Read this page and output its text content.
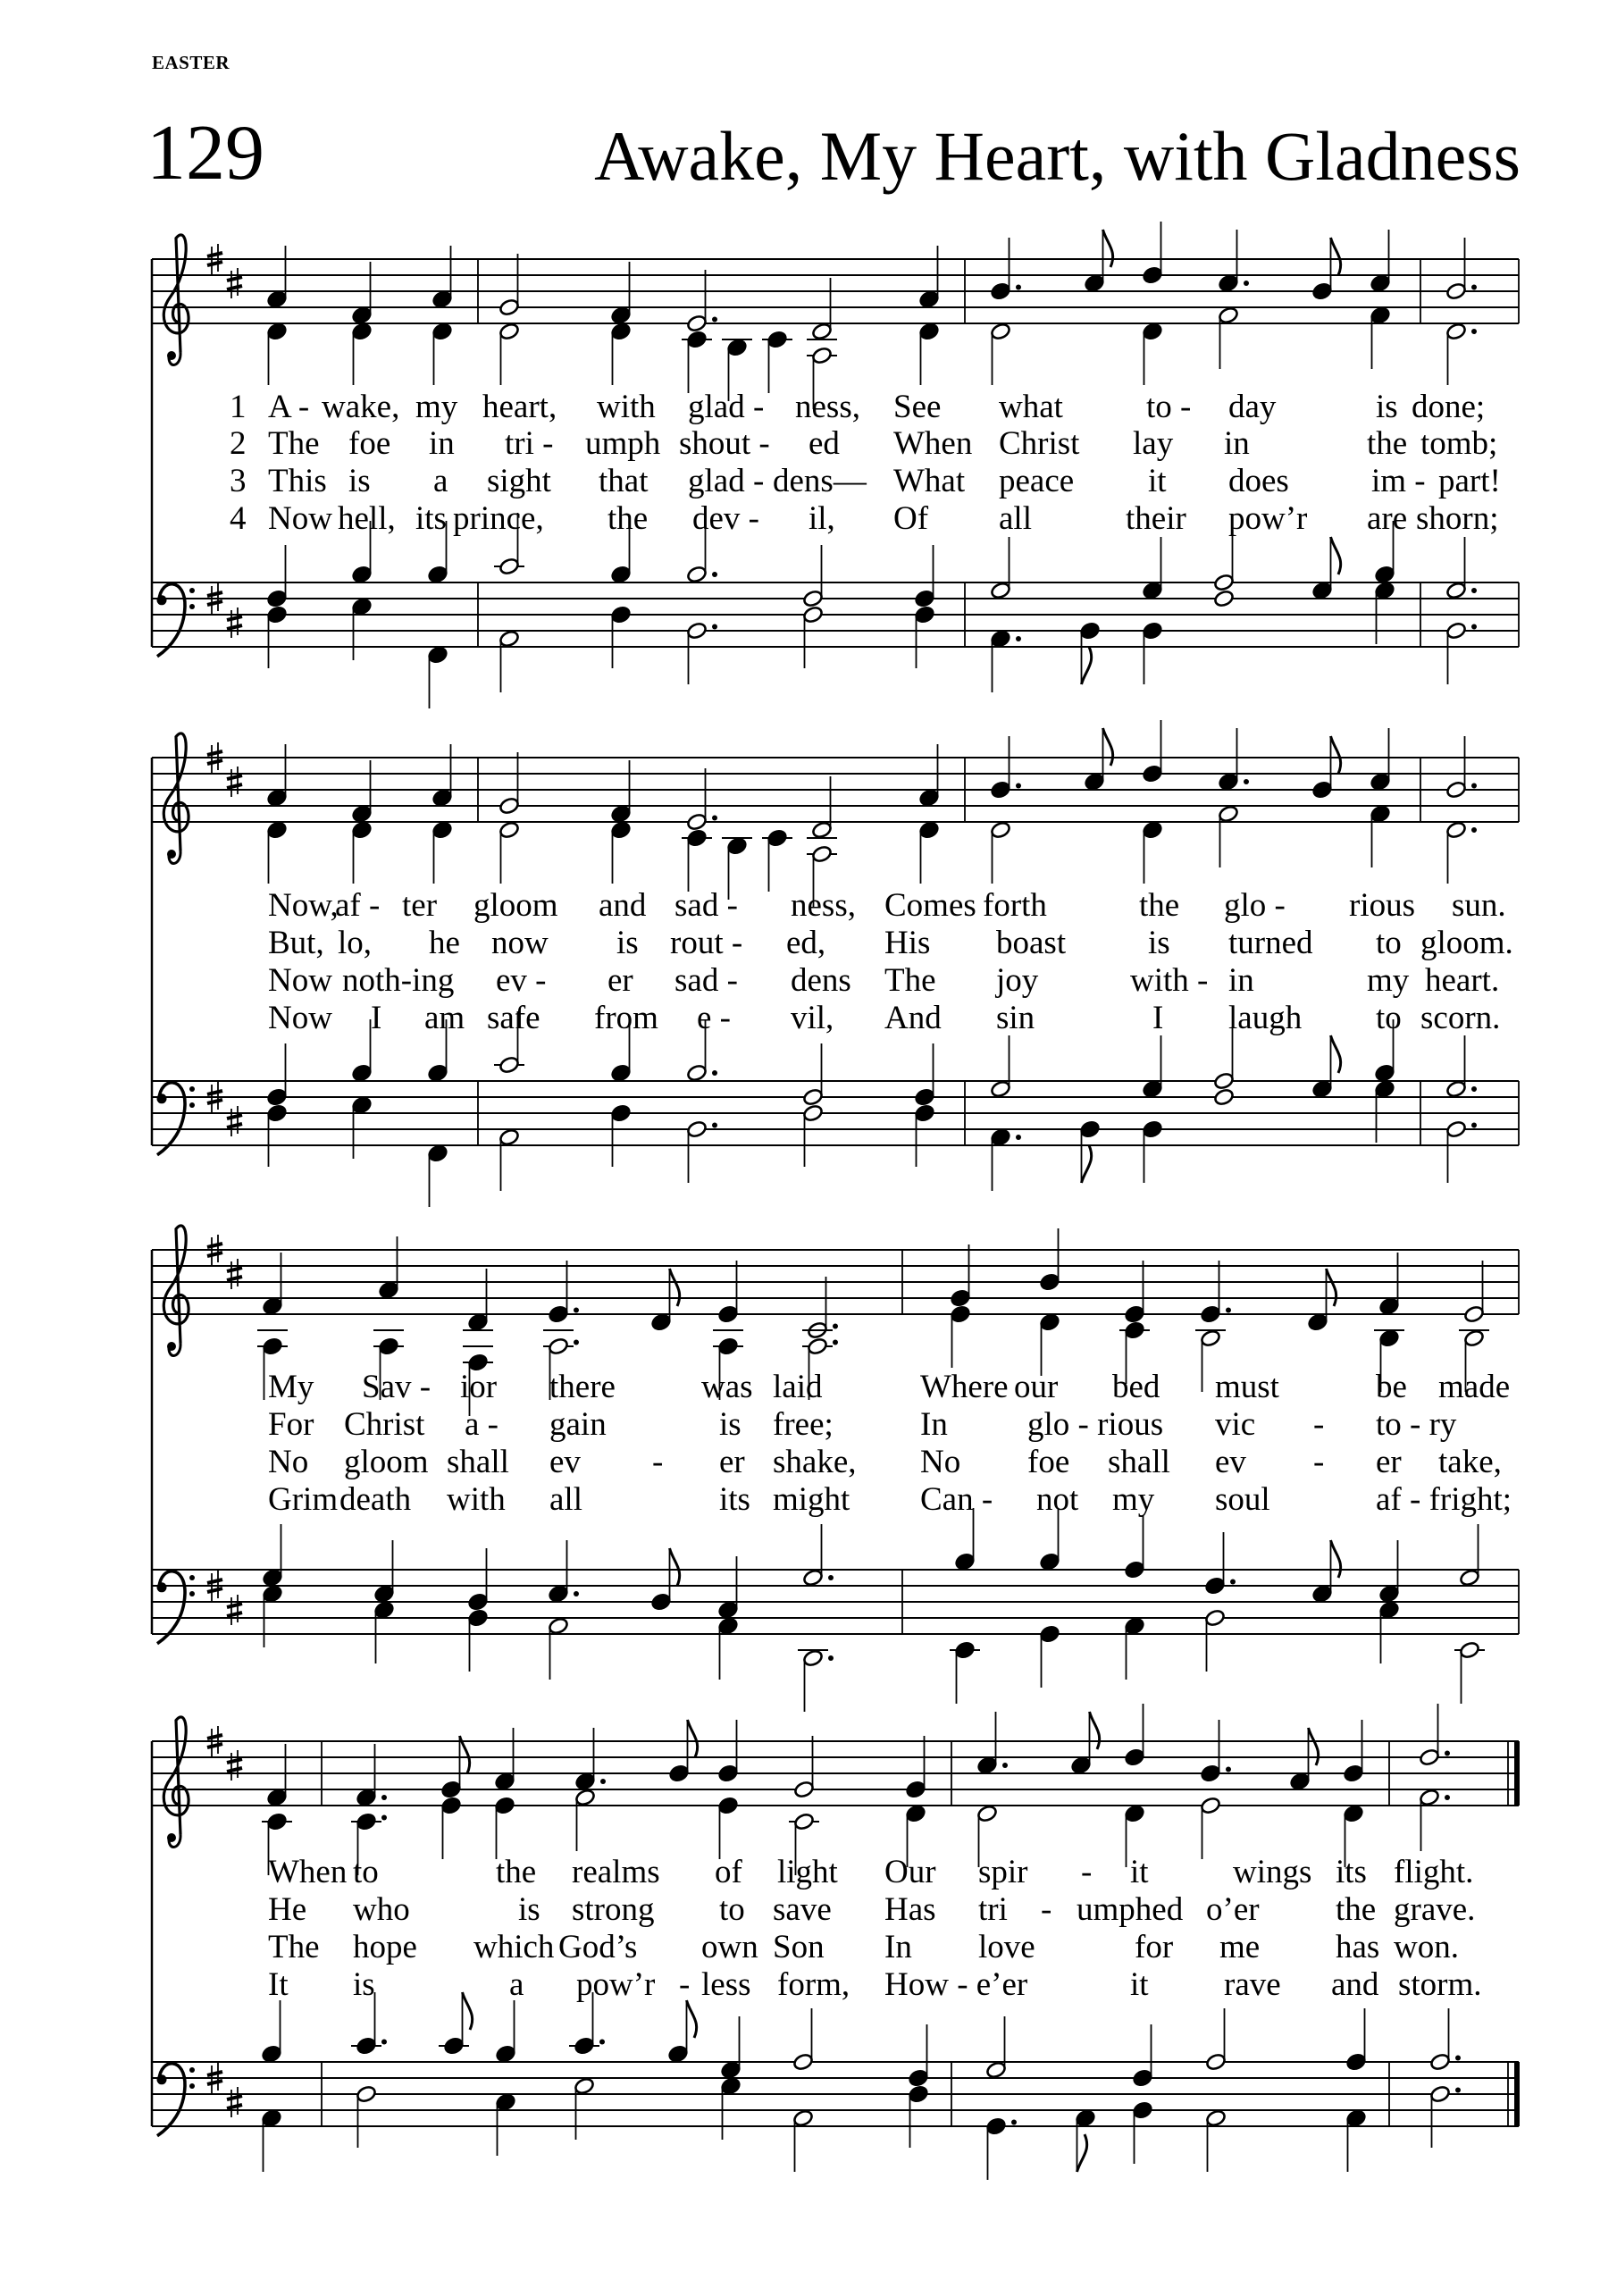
EASTER
129	Awake, My Heart, with Gladness
1 A - wake, my heart, with glad - ness, See what	to - day	is done;
2 The foe in tri - umph shout - ed When Christ lay in	the tomb;
3 This is a sight that glad - dens— What peace it does im - part!
4 Now hell, its prince, the dev - il, Of all	their pow’r are shorn;
Now,
af - ter gloom and sad - ness, Comes forth	the glo - rious sun.
But, lo, he now is rout - ed, His boast is turned to gloom.
Now noth-ing ev - er sad - dens The joy	with - in	my heart.
Now I am safe from e - vil, And sin	I laugh to scorn.
My Sav - ior there	was laid	Where our bed must	be made
For Christ a - gain	is free;	In glo - rious vic - to - ry
No gloom shall ev - er shake, No foe shall ev - er take,
Grim death with all	its might Can - not my soul	af - fright;
When to	the realms of light Our spir - it	wings its flight.
He who	is strong to save Has tri - umphed o’er the grave.
The hope which God’s own Son In love	for me has won.
It is	a pow’r - less form, How - e’er	it rave and storm.
